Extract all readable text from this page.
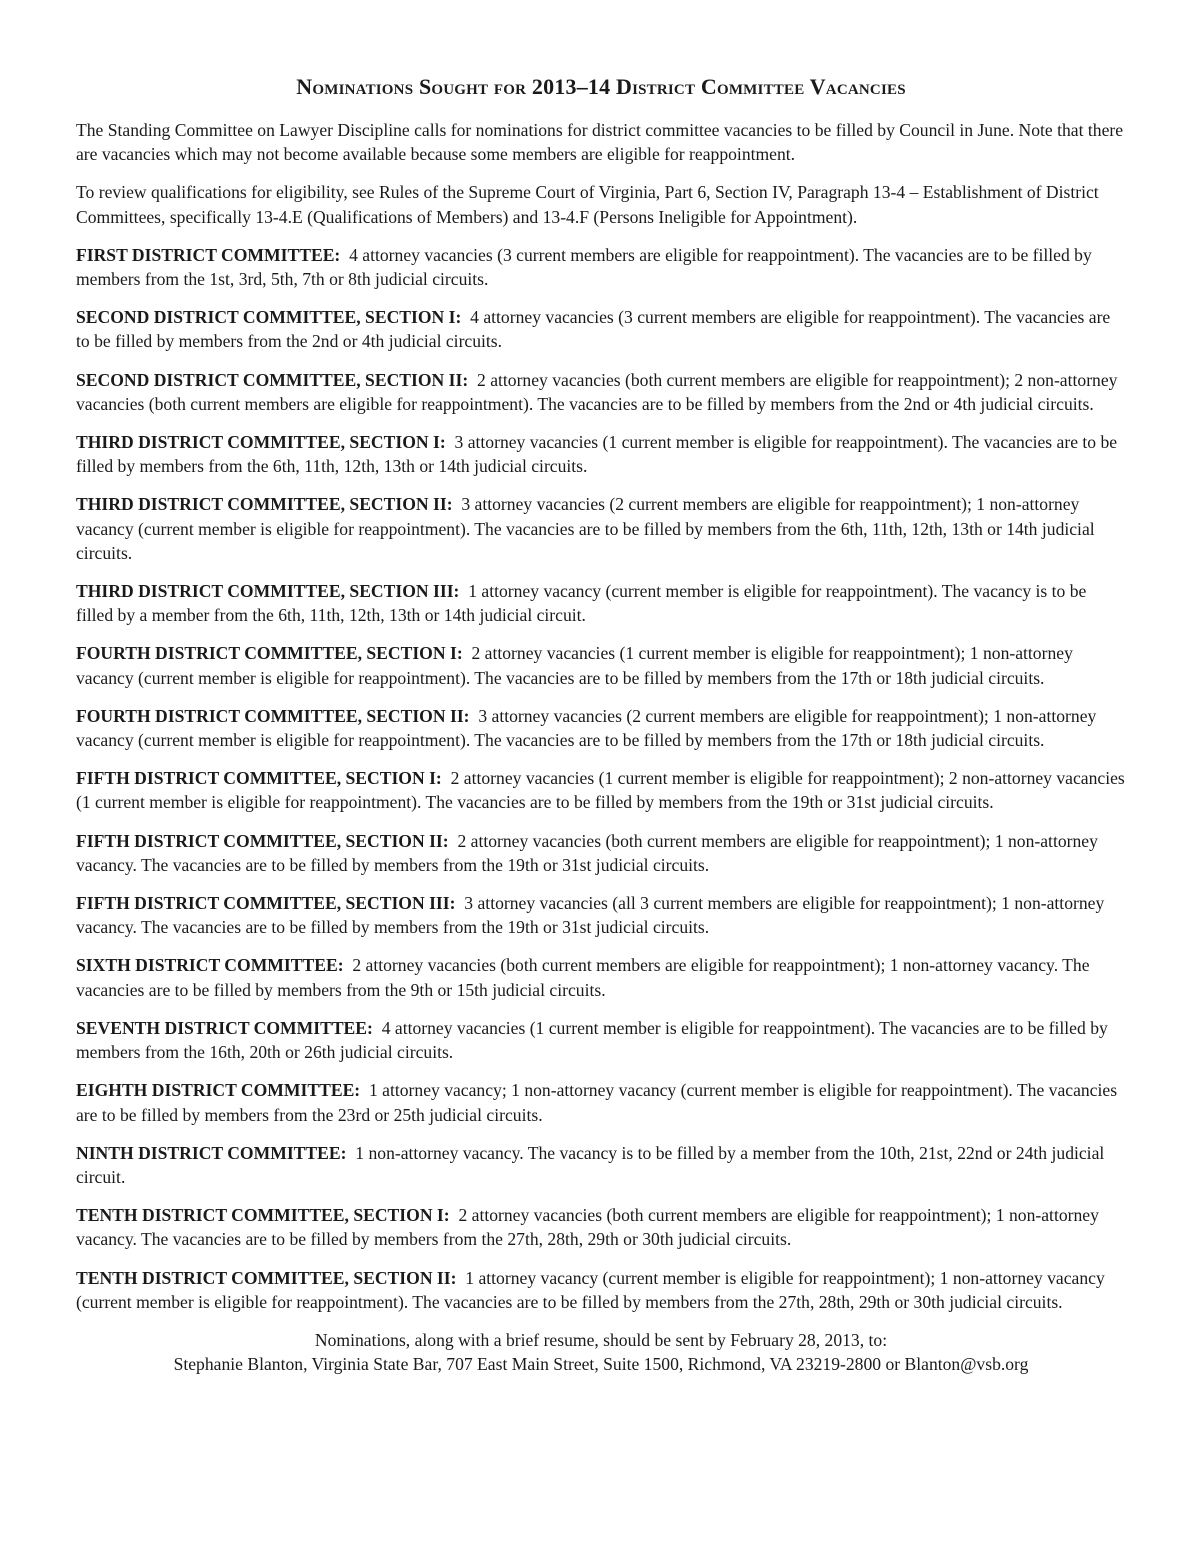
Nominations Sought for 2013–14 District Committee Vacancies

The Standing Committee on Lawyer Discipline calls for nominations for district committee vacancies to be filled by Council in June. Note that there are vacancies which may not become available because some members are eligible for reappointment.

To review qualifications for eligibility, see Rules of the Supreme Court of Virginia, Part 6, Section IV, Paragraph 13-4 – Establishment of District Committees, specifically 13-4.E (Qualifications of Members) and 13-4.F (Persons Ineligible for Appointment).

FIRST DISTRICT COMMITTEE: 4 attorney vacancies (3 current members are eligible for reappointment). The vacancies are to be filled by members from the 1st, 3rd, 5th, 7th or 8th judicial circuits.

SECOND DISTRICT COMMITTEE, SECTION I: 4 attorney vacancies (3 current members are eligible for reappointment). The vacancies are to be filled by members from the 2nd or 4th judicial circuits.

SECOND DISTRICT COMMITTEE, SECTION II: 2 attorney vacancies (both current members are eligible for reappointment); 2 non-attorney vacancies (both current members are eligible for reappointment). The vacancies are to be filled by members from the 2nd or 4th judicial circuits.

THIRD DISTRICT COMMITTEE, SECTION I: 3 attorney vacancies (1 current member is eligible for reappointment). The vacancies are to be filled by members from the 6th, 11th, 12th, 13th or 14th judicial circuits.

THIRD DISTRICT COMMITTEE, SECTION II: 3 attorney vacancies (2 current members are eligible for reappointment); 1 non-attorney vacancy (current member is eligible for reappointment). The vacancies are to be filled by members from the 6th, 11th, 12th, 13th or 14th judicial circuits.

THIRD DISTRICT COMMITTEE, SECTION III: 1 attorney vacancy (current member is eligible for reappointment). The vacancy is to be filled by a member from the 6th, 11th, 12th, 13th or 14th judicial circuit.

FOURTH DISTRICT COMMITTEE, SECTION I: 2 attorney vacancies (1 current member is eligible for reappointment); 1 non-attorney vacancy (current member is eligible for reappointment). The vacancies are to be filled by members from the 17th or 18th judicial circuits.

FOURTH DISTRICT COMMITTEE, SECTION II: 3 attorney vacancies (2 current members are eligible for reappointment); 1 non-attorney vacancy (current member is eligible for reappointment). The vacancies are to be filled by members from the 17th or 18th judicial circuits.

FIFTH DISTRICT COMMITTEE, SECTION I: 2 attorney vacancies (1 current member is eligible for reappointment); 2 non-attorney vacancies (1 current member is eligible for reappointment). The vacancies are to be filled by members from the 19th or 31st judicial circuits.

FIFTH DISTRICT COMMITTEE, SECTION II: 2 attorney vacancies (both current members are eligible for reappointment); 1 non-attorney vacancy. The vacancies are to be filled by members from the 19th or 31st judicial circuits.

FIFTH DISTRICT COMMITTEE, SECTION III: 3 attorney vacancies (all 3 current members are eligible for reappointment); 1 non-attorney vacancy. The vacancies are to be filled by members from the 19th or 31st judicial circuits.

SIXTH DISTRICT COMMITTEE: 2 attorney vacancies (both current members are eligible for reappointment); 1 non-attorney vacancy. The vacancies are to be filled by members from the 9th or 15th judicial circuits.

SEVENTH DISTRICT COMMITTEE: 4 attorney vacancies (1 current member is eligible for reappointment). The vacancies are to be filled by members from the 16th, 20th or 26th judicial circuits.

EIGHTH DISTRICT COMMITTEE: 1 attorney vacancy; 1 non-attorney vacancy (current member is eligible for reappointment). The vacancies are to be filled by members from the 23rd or 25th judicial circuits.

NINTH DISTRICT COMMITTEE: 1 non-attorney vacancy. The vacancy is to be filled by a member from the 10th, 21st, 22nd or 24th judicial circuit.

TENTH DISTRICT COMMITTEE, SECTION I: 2 attorney vacancies (both current members are eligible for reappointment); 1 non-attorney vacancy. The vacancies are to be filled by members from the 27th, 28th, 29th or 30th judicial circuits.

TENTH DISTRICT COMMITTEE, SECTION II: 1 attorney vacancy (current member is eligible for reappointment); 1 non-attorney vacancy (current member is eligible for reappointment). The vacancies are to be filled by members from the 27th, 28th, 29th or 30th judicial circuits.

Nominations, along with a brief resume, should be sent by February 28, 2013, to:
Stephanie Blanton, Virginia State Bar, 707 East Main Street, Suite 1500, Richmond, VA 23219-2800 or Blanton@vsb.org
